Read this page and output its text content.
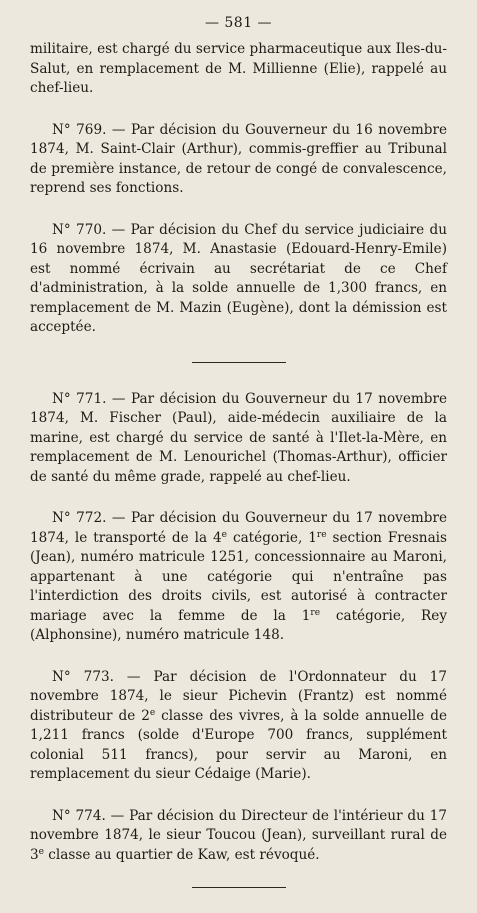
— 581 —

militaire, est chargé du service pharmaceutique aux Iles-du-Salut, en remplacement de M. Millienne (Elie), rappelé au chef-lieu.

N° 769. — Par décision du Gouverneur du 16 novembre 1874, M. Saint-Clair (Arthur), commis-greffier au Tribunal de première instance, de retour de congé de convalescence, reprend ses fonctions.

N° 770. — Par décision du Chef du service judiciaire du 16 novembre 1874, M. Anastasie (Edouard-Henry-Emile) est nommé écrivain au secrétariat de ce Chef d'administration, à la solde annuelle de 1,300 francs, en remplacement de M. Mazin (Eugène), dont la démission est acceptée.

N° 771. — Par décision du Gouverneur du 17 novembre 1874, M. Fischer (Paul), aide-médecin auxiliaire de la marine, est chargé du service de santé à l'Ilet-la-Mère, en remplacement de M. Lenourichel (Thomas-Arthur), officier de santé du même grade, rappelé au chef-lieu.

N° 772. — Par décision du Gouverneur du 17 novembre 1874, le transporté de la 4e catégorie, 1re section Fresnais (Jean), numéro matricule 1251, concessionnaire au Maroni, appartenant à une catégorie qui n'entraîne pas l'interdiction des droits civils, est autorisé à contracter mariage avec la femme de la 1re catégorie, Rey (Alphonsine), numéro matricule 148.

N° 773. — Par décision de l'Ordonnateur du 17 novembre 1874, le sieur Pichevin (Frantz) est nommé distributeur de 2e classe des vivres, à la solde annuelle de 1,211 francs (solde d'Europe 700 francs, supplément colonial 511 francs), pour servir au Maroni, en remplacement du sieur Cédaige (Marie).

N° 774. — Par décision du Directeur de l'intérieur du 17 novembre 1874, le sieur Toucou (Jean), surveillant rural de 3e classe au quartier de Kaw, est révoqué.
